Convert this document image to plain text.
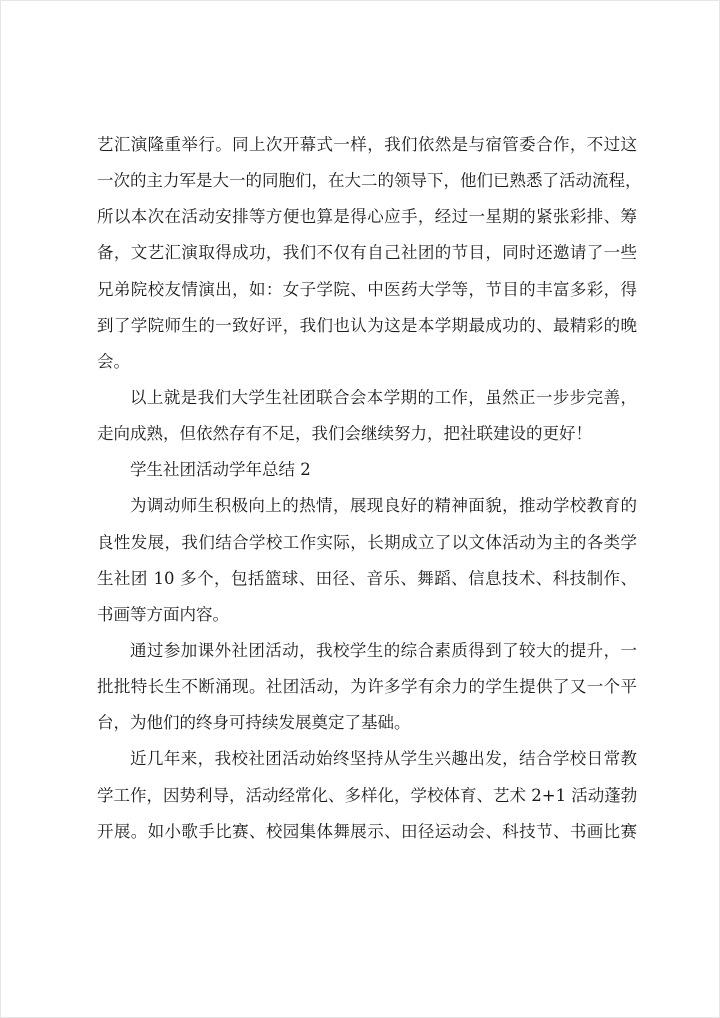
艺汇演隆重举行。同上次开幕式一样，我们依然是与宿管委合作，不过这
一次的主力军是大一的同胞们，在大二的领导下，他们已熟悉了活动流程，
所以本次在活动安排等方便也算是得心应手，经过一星期的紧张彩排、筹
备，文艺汇演取得成功，我们不仅有自己社团的节目，同时还邀请了一些
兄弟院校友情演出，如：女子学院、中医药大学等，节目的丰富多彩，得
到了学院师生的一致好评，我们也认为这是本学期最成功的、最精彩的晚
会。
以上就是我们大学生社团联合会本学期的工作，虽然正一步步完善，
走向成熟，但依然存有不足，我们会继续努力，把社联建设的更好！
学生社团活动学年总结 2
为调动师生积极向上的热情，展现良好的精神面貌，推动学校教育的
良性发展，我们结合学校工作实际，长期成立了以文体活动为主的各类学
生社团 10 多个，包括篮球、田径、音乐、舞蹈、信息技术、科技制作、
书画等方面内容。
通过参加课外社团活动，我校学生的综合素质得到了较大的提升，一
批批特长生不断涌现。社团活动，为许多学有余力的学生提供了又一个平
台，为他们的终身可持续发展奠定了基础。
近几年来，我校社团活动始终坚持从学生兴趣出发，结合学校日常教
学工作，因势利导，活动经常化、多样化，学校体育、艺术 2+1 活动蓬勃
开展。如小歌手比赛、校园集体舞展示、田径运动会、科技节、书画比赛
